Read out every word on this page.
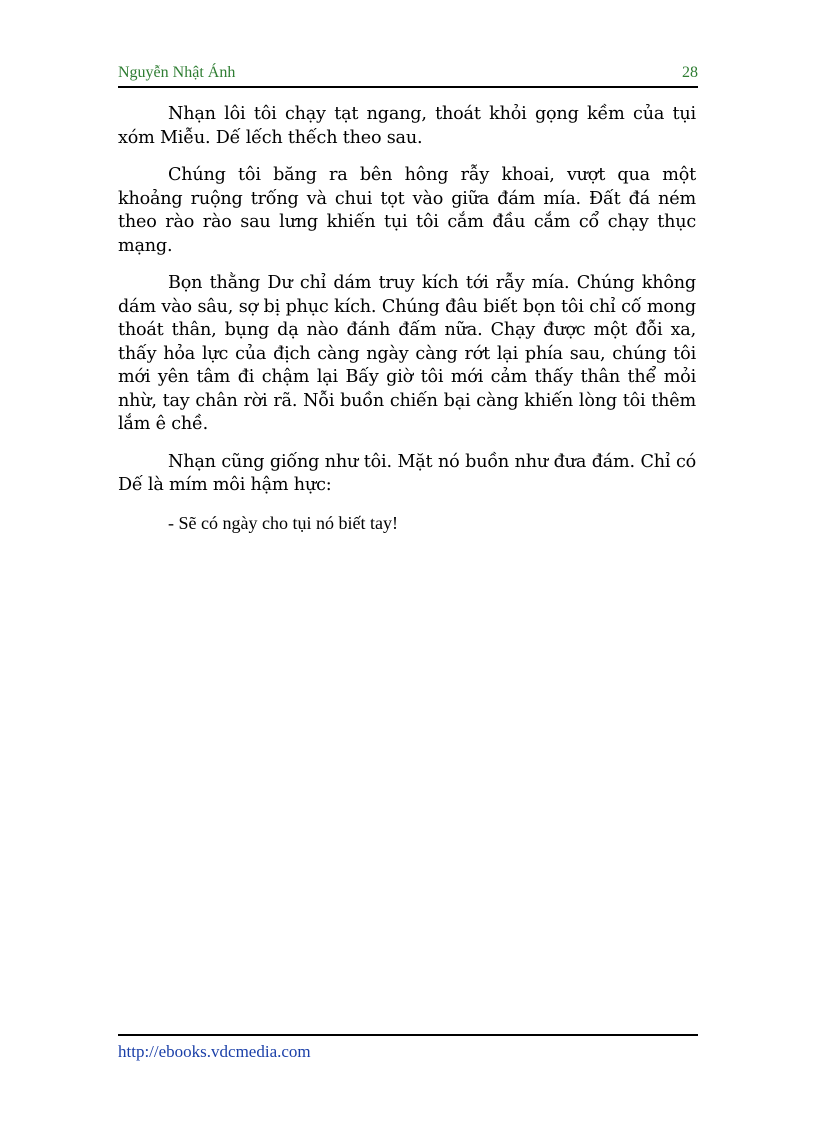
Nguyễn Nhật Ánh	28

Nhạn lôi tôi chạy tạt ngang, thoát khỏi gọng kềm của tụi xóm Miễu. Dế lếch thếch theo sau.

Chúng tôi băng ra bên hông rẫy khoai, vượt qua một khoảng ruộng trống và chui tọt vào giữa đám mía. Đất đá ném theo rào rào sau lưng khiến tụi tôi cắm đầu cắm cổ chạy thục mạng.

Bọn thằng Dư chỉ dám truy kích tới rẫy mía. Chúng không dám vào sâu, sợ bị phục kích. Chúng đâu biết bọn tôi chỉ cố mong thoát thân, bụng dạ nào đánh đấm nữa. Chạy được một đỗi xa, thấy hỏa lực của địch càng ngày càng rớt lại phía sau, chúng tôi mới yên tâm đi chậm lại Bấy giờ tôi mới cảm thấy thân thể mỏi nhừ, tay chân rời rã. Nỗi buồn chiến bại càng khiến lòng tôi thêm lắm ê chề.

Nhạn cũng giống như tôi. Mặt nó buồn như đưa đám. Chỉ có Dế là mím môi hậm hực:

- Sẽ có ngày cho tụi nó biết tay!

http://ebooks.vdcmedia.com
